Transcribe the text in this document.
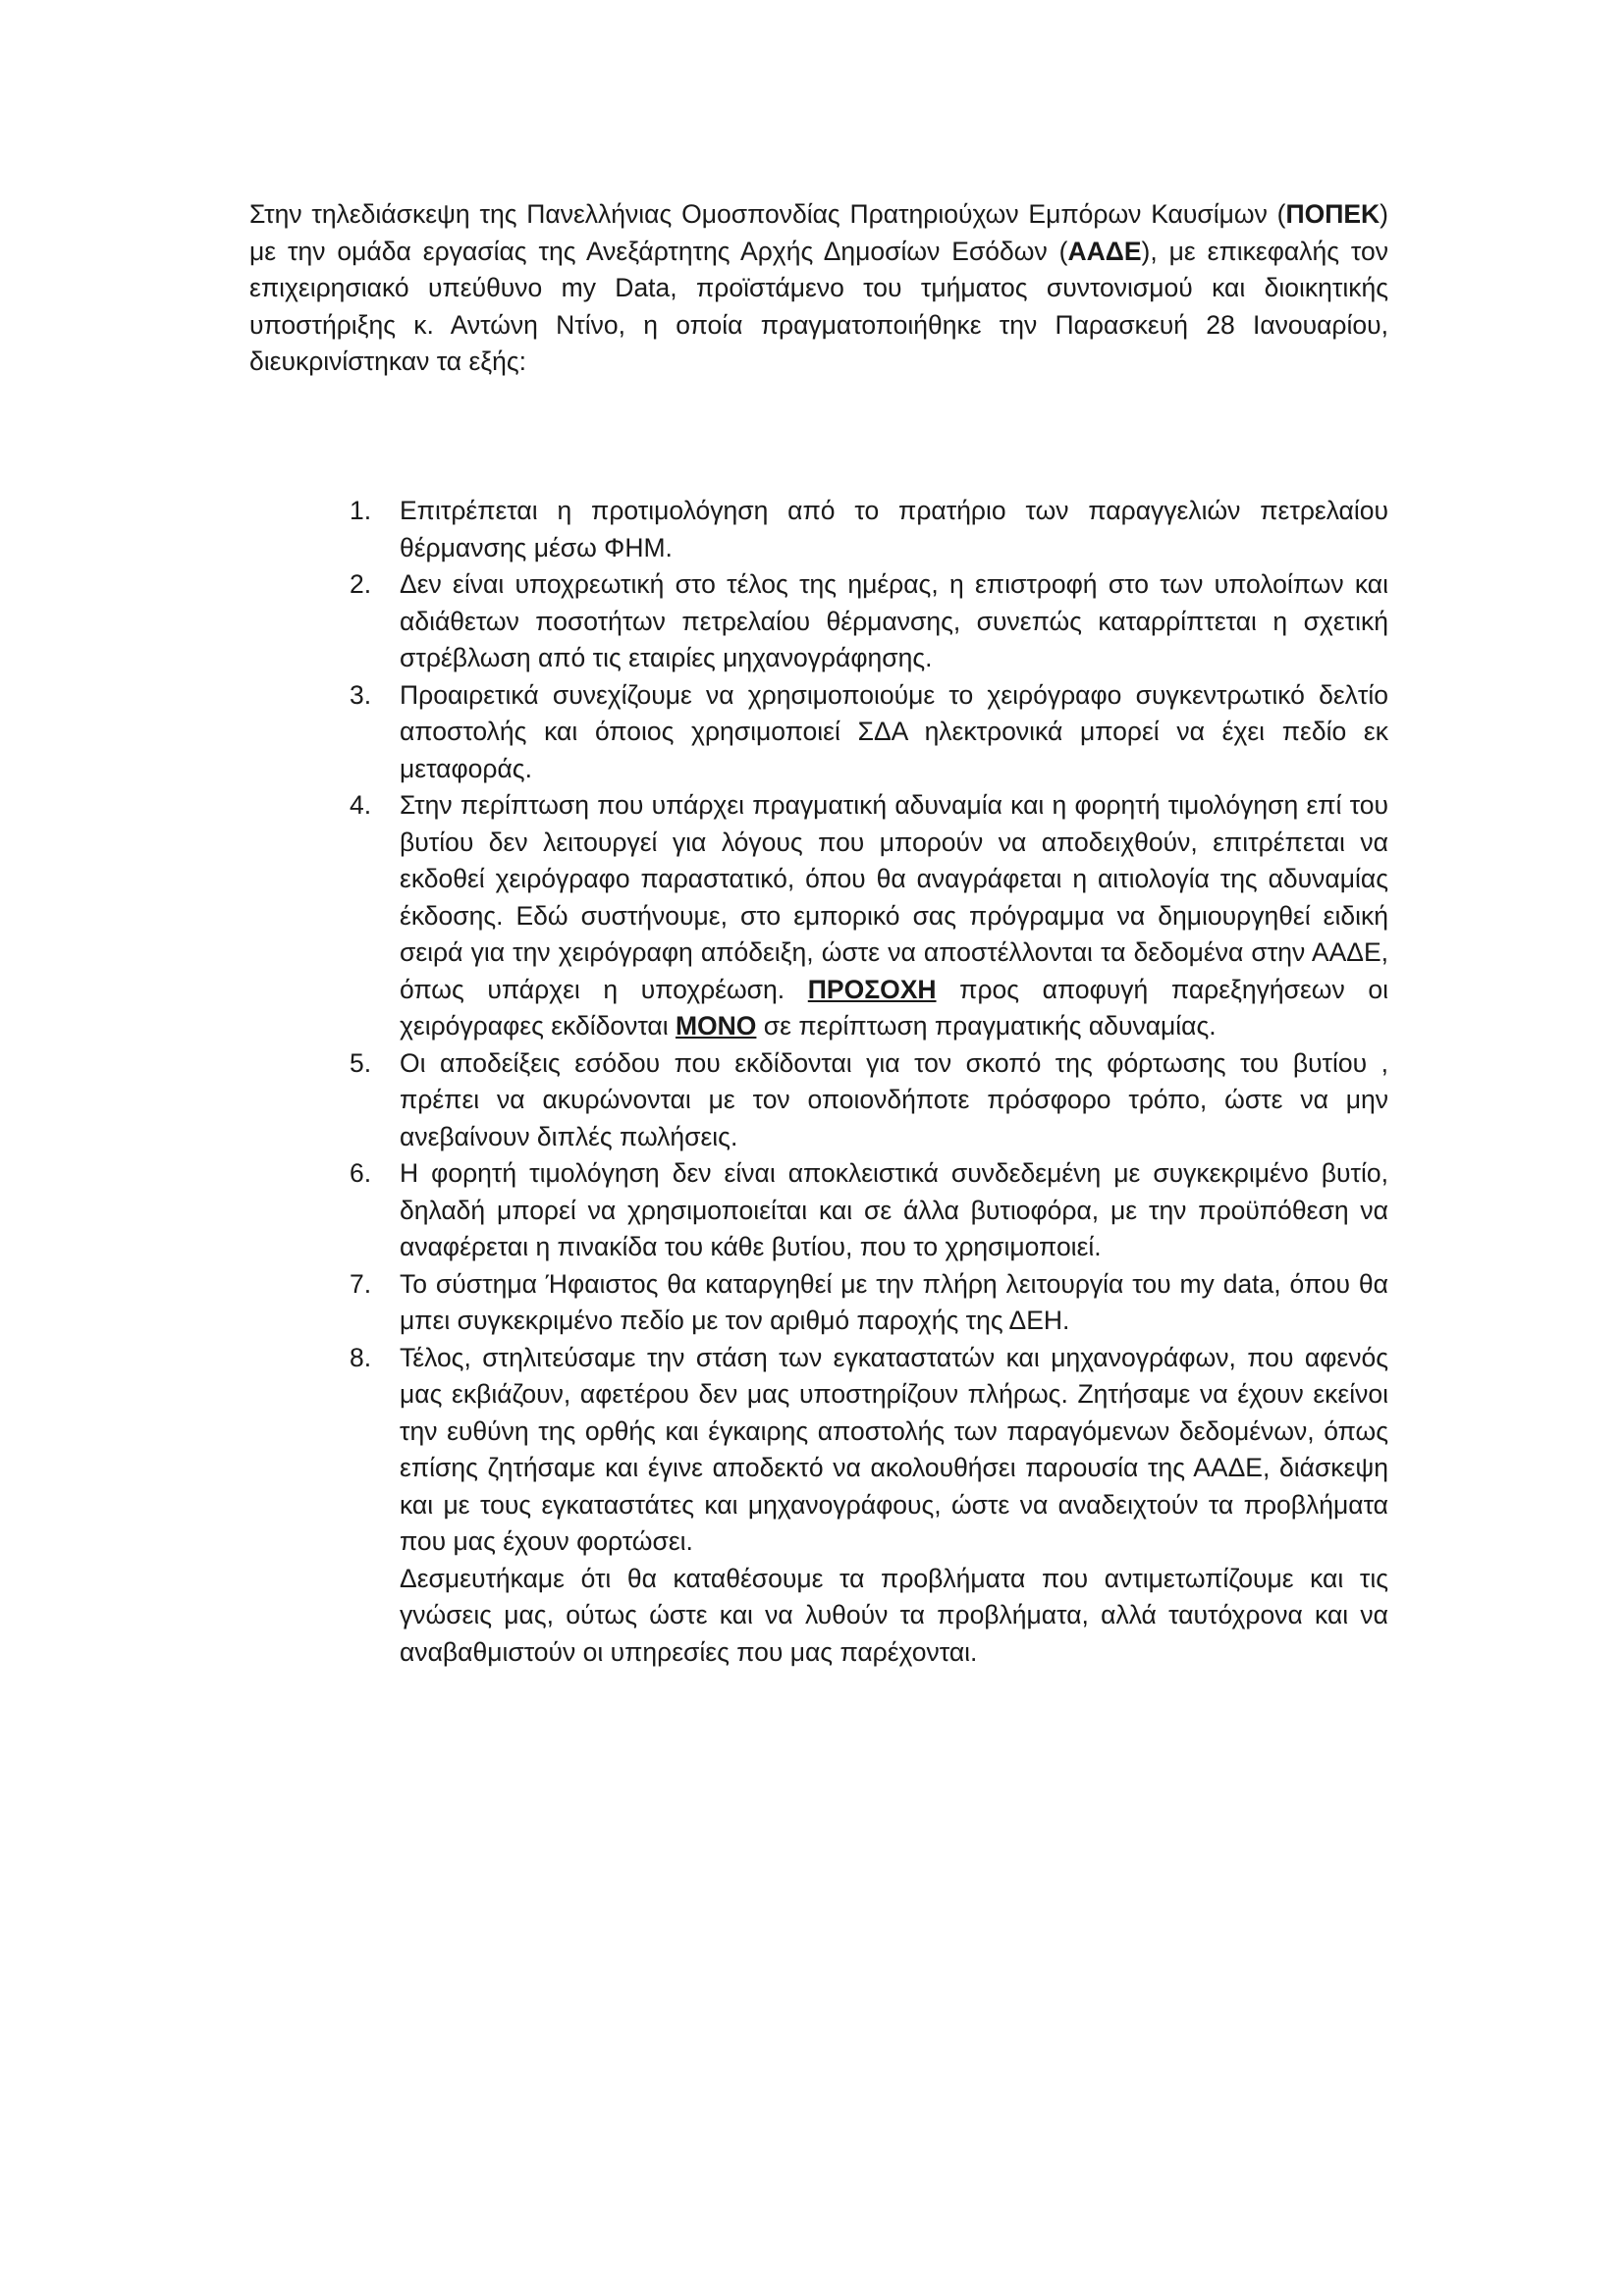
Στην τηλεδιάσκεψη της Πανελλήνιας Ομοσπονδίας Πρατηριούχων Εμπόρων Καυσίμων (ΠΟΠΕΚ) με την ομάδα εργασίας της Ανεξάρτητης Αρχής Δημοσίων Εσόδων (ΑΑΔΕ), με επικεφαλής τον επιχειρησιακό υπεύθυνο my Data, προϊστάμενο του τμήματος συντονισμού και διοικητικής υποστήριξης κ. Αντώνη Ντίνο, η οποία πραγματοποιήθηκε την Παρασκευή 28 Ιανουαρίου, διευκρινίστηκαν τα εξής:

1. Επιτρέπεται η προτιμολόγηση από το πρατήριο των παραγγελιών πετρελαίου θέρμανσης μέσω ΦΗΜ.
2. Δεν είναι υποχρεωτική στο τέλος της ημέρας, η επιστροφή στο των υπολοίπων και αδιάθετων ποσοτήτων πετρελαίου θέρμανσης, συνεπώς καταρρίπτεται η σχετική στρέβλωση από τις εταιρίες μηχανογράφησης.
3. Προαιρετικά συνεχίζουμε να χρησιμοποιούμε το χειρόγραφο συγκεντρωτικό δελτίο αποστολής και όποιος χρησιμοποιεί ΣΔΑ ηλεκτρονικά μπορεί να έχει πεδίο εκ μεταφοράς.
4. Στην περίπτωση που υπάρχει πραγματική αδυναμία και η φορητή τιμολόγηση επί του βυτίου δεν λειτουργεί για λόγους που μπορούν να αποδειχθούν, επιτρέπεται να εκδοθεί χειρόγραφο παραστατικό, όπου θα αναγράφεται η αιτιολογία της αδυναμίας έκδοσης. Εδώ συστήνουμε, στο εμπορικό σας πρόγραμμα να δημιουργηθεί ειδική σειρά για την χειρόγραφη απόδειξη, ώστε να αποστέλλονται τα δεδομένα στην ΑΑΔΕ, όπως υπάρχει η υποχρέωση. ΠΡΟΣΟΧΗ προς αποφυγή παρεξηγήσεων οι χειρόγραφες εκδίδονται ΜΟΝΟ σε περίπτωση πραγματικής αδυναμίας.
5. Οι αποδείξεις εσόδου που εκδίδονται για τον σκοπό της φόρτωσης του βυτίου , πρέπει να ακυρώνονται με τον οποιονδήποτε πρόσφορο τρόπο, ώστε να μην ανεβαίνουν διπλές πωλήσεις.
6. Η φορητή τιμολόγηση δεν είναι αποκλειστικά συνδεδεμένη με συγκεκριμένο βυτίο, δηλαδή μπορεί να χρησιμοποιείται και σε άλλα βυτιοφόρα, με την προϋπόθεση να αναφέρεται η πινακίδα του κάθε βυτίου, που το χρησιμοποιεί.
7. Το σύστημα Ήφαιστος θα καταργηθεί με την πλήρη λειτουργία του my data, όπου θα μπει συγκεκριμένο πεδίο με τον αριθμό παροχής της ΔΕΗ.
8. Τέλος, στηλιτεύσαμε την στάση των εγκαταστατών και μηχανογράφων, που αφενός μας εκβιάζουν, αφετέρου δεν μας υποστηρίζουν πλήρως. Ζητήσαμε να έχουν εκείνοι την ευθύνη της ορθής και έγκαιρης αποστολής των παραγόμενων δεδομένων, όπως επίσης ζητήσαμε και έγινε αποδεκτό να ακολουθήσει παρουσία της ΑΑΔΕ, διάσκεψη και με τους εγκαταστάτες και μηχανογράφους, ώστε να αναδειχτούν τα προβλήματα που μας έχουν φορτώσει.
Δεσμευτήκαμε ότι θα καταθέσουμε τα προβλήματα που αντιμετωπίζουμε και τις γνώσεις μας, ούτως ώστε και να λυθούν τα προβλήματα, αλλά ταυτόχρονα και να αναβαθμιστούν οι υπηρεσίες που μας παρέχονται.
